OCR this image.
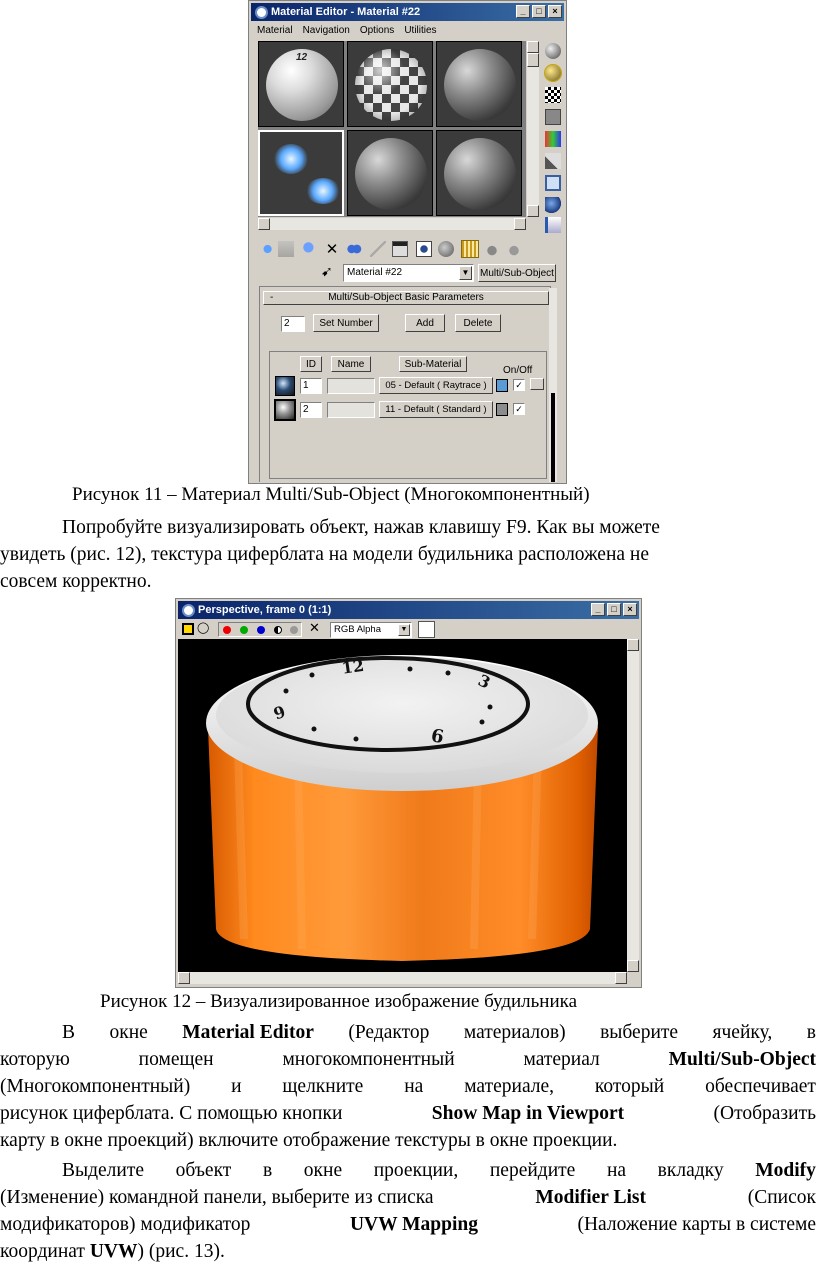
Material Editor - Material #22	_	□	×
Material Navigation Options Utilities
12
✕
➹	Material #22	▼ Multi/Sub-Object
-	Multi/Sub-Object Basic Parameters
2	Set Number	Add	Delete
ID	Name	Sub-Material
On/Off
1	05 - Default ( Raytrace )	✓
2	11 - Default ( Standard )	✓
Рисунок 11 – Материал Multi/Sub-Object (Многокомпонентный)
Попробуйте визуализировать объект, нажав клавишу F9. Как вы можете
увидеть (рис. 12), текстура циферблата на модели будильника расположена не
совсем корректно.
Perspective, frame 0 (1:1)	_	□	×
◯	✕	RGB Alpha	▼
12
3
6
9
Рисунок 12 – Визуализированное изображение будильника
В окне Material Editor (Редактор материалов) выберите ячейку, в
которую	помещен	многокомпонентный	материал	Multi/Sub-Object
(Многокомпонентный) и щелкните на материале, который обеспечивает
рисунок циферблата. С помощью кнопки	Show Map in Viewport	(Отобразить
карту в окне проекций) включите отображение текстуры в окне проекции.
Выделите объект в окне проекции, перейдите на вкладку Modify
(Изменение) командной панели, выберите из списка	Modifier List	(Список
модификаторов) модификатор	UVW Mapping	(Наложение карты в системе
координат UVW) (рис. 13).
